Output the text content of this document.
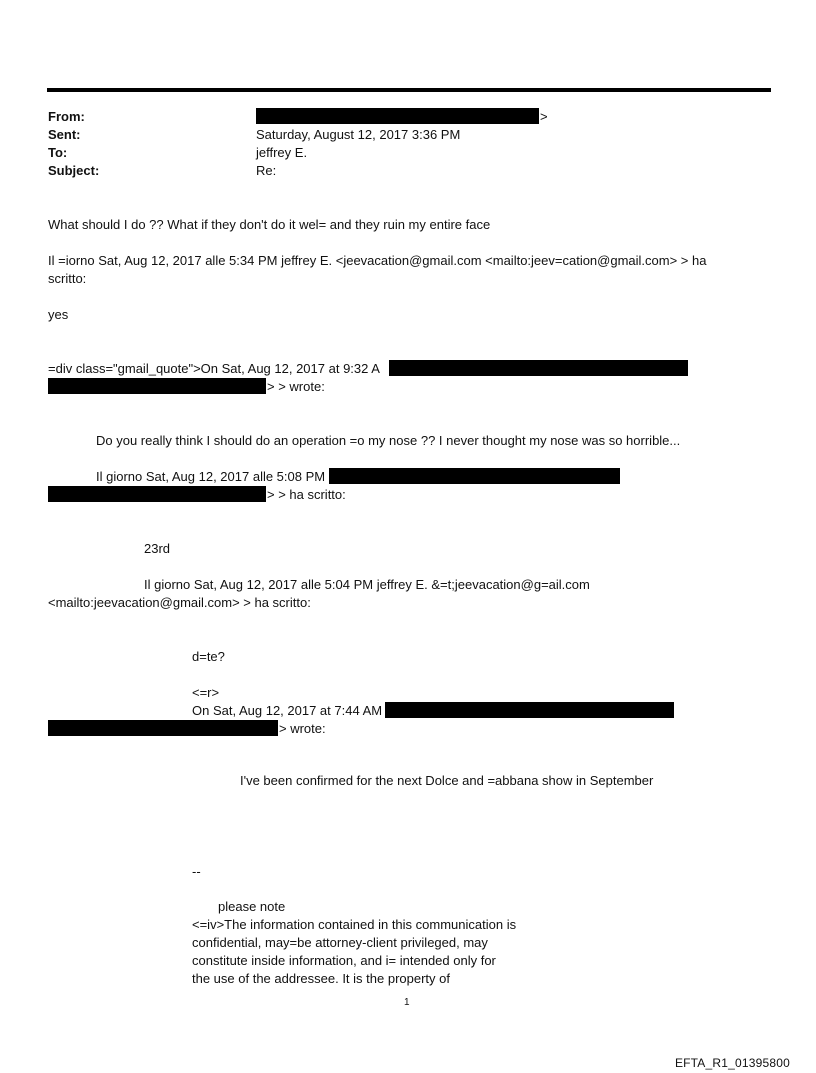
From:	>
Sent:	Saturday, August 12, 2017 3:36 PM
To:	jeffrey E.
Subject:	Re:
What should I do ?? What if they don't do it wel= and they ruin my entire face
Il =iorno Sat, Aug 12, 2017 alle 5:34 PM jeffrey E. <jeevacation@gmail.com <mailto:jeev=cation@gmail.com> > ha
scritto:
yes
=div class="gmail_quote">On Sat, Aug 12, 2017 at 9:32 A
> > wrote:
Do you really think I should do an operation =o my nose ?? I never thought my nose was so horrible...
Il giorno Sat, Aug 12, 2017 alle 5:08 PM
> > ha scritto:
23rd
Il giorno Sat, Aug 12, 2017 alle 5:04 PM jeffrey E. &=t;jeevacation@g=ail.com
<mailto:jeevacation@gmail.com> > ha scritto:
d=te?
<=r>
On Sat, Aug 12, 2017 at 7:44 AM
> wrote:
I've been confirmed for the next Dolce and =abbana show in September
--
please note
<=iv>The information contained in this communication is
confidential, may=be attorney-client privileged, may
constitute inside information, and i= intended only for
the use of the addressee. It is the property of
1
EFTA_R1_01395800
